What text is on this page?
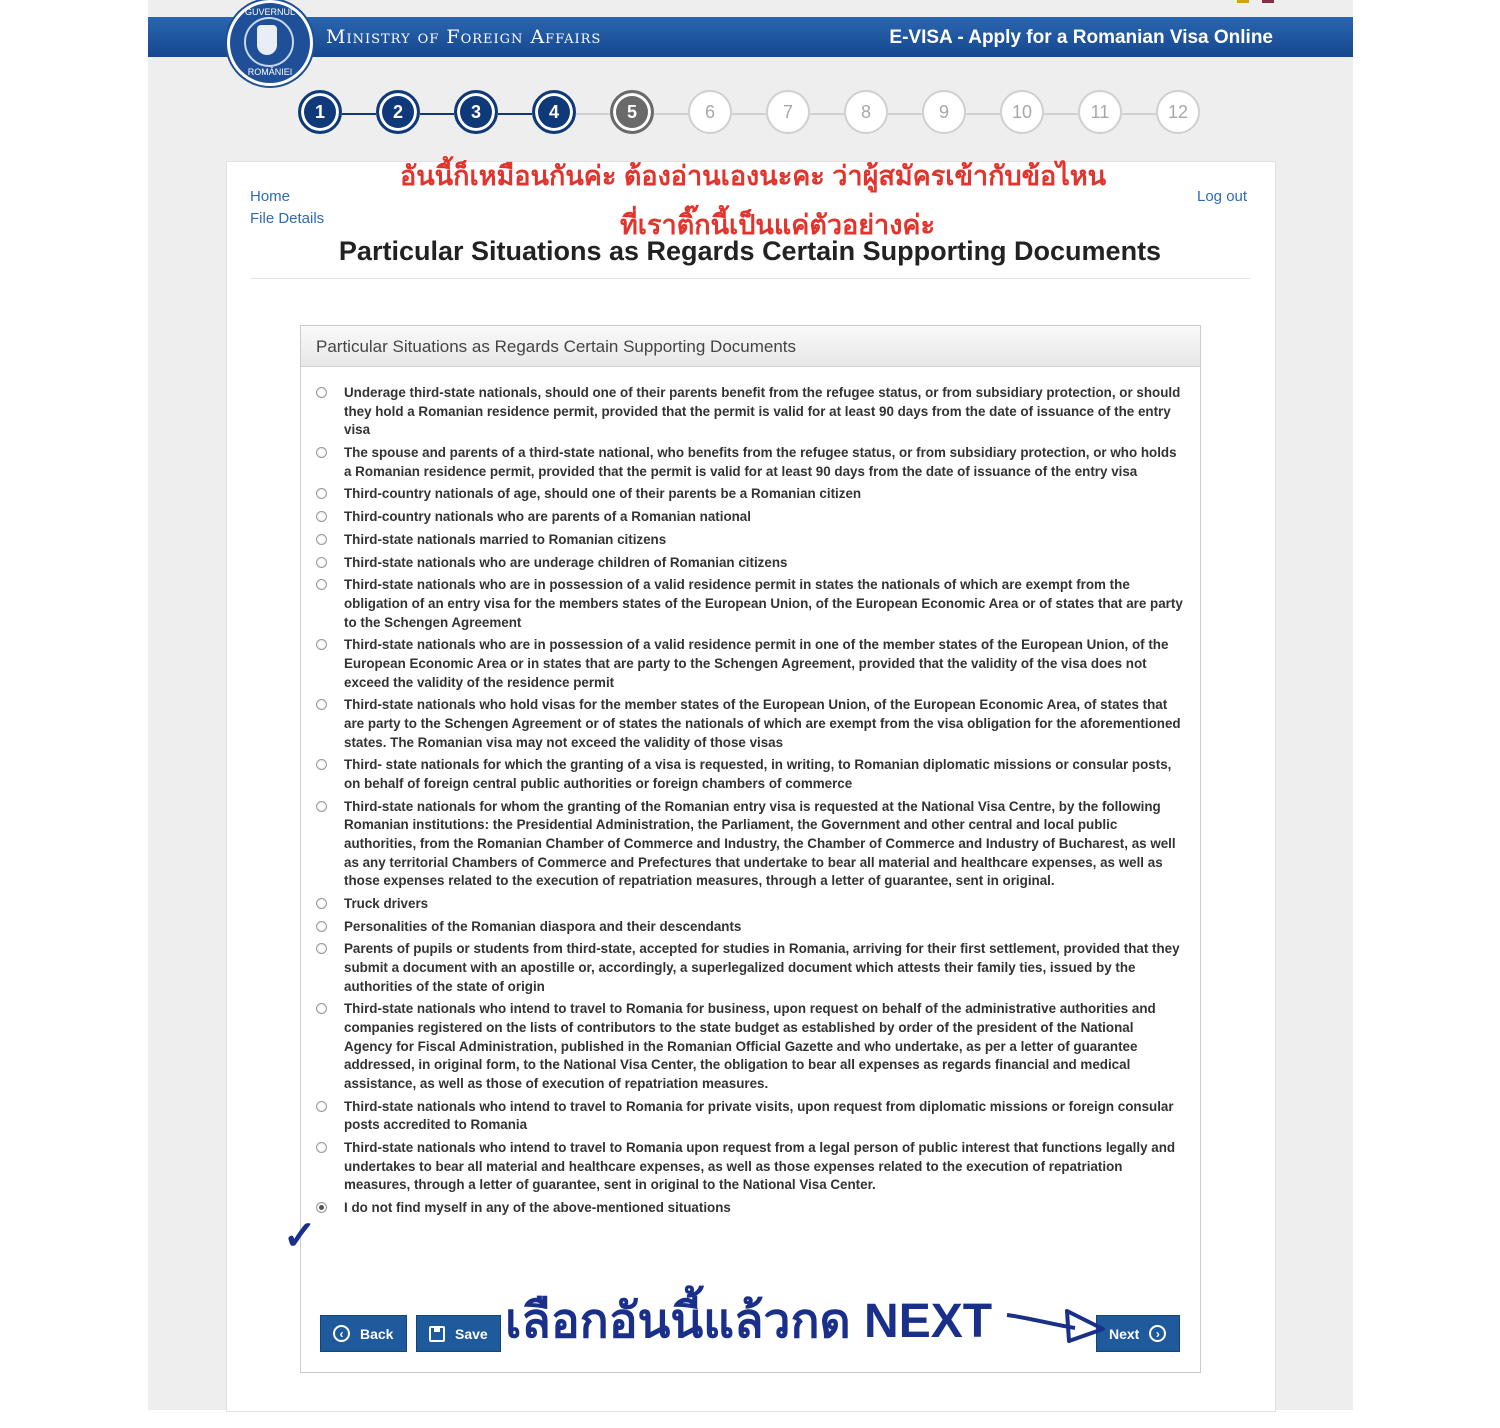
Ministry of Foreign Affairs	E-VISA - Apply for a Romanian Visa Online
GUVERNUL
ROMÂNIEI
1	2	3	4	5	6	7	8	9	10	11	12
Home
File Details
Log out
อันนี้ก็เหมือนกันค่ะ ต้องอ่านเองนะคะ ว่าผู้สมัครเข้ากับข้อไหน
ที่เราติ๊กนี้เป็นแค่ตัวอย่างค่ะ
Particular Situations as Regards Certain Supporting Documents
Particular Situations as Regards Certain Supporting Documents
Underage third-state nationals, should one of their parents benefit from the refugee status, or from subsidiary protection, or should they hold a Romanian residence permit, provided that the permit is valid for at least 90 days from the date of issuance of the entry visa
The spouse and parents of a third-state national, who benefits from the refugee status, or from subsidiary protection, or who holds a Romanian residence permit, provided that the permit is valid for at least 90 days from the date of issuance of the entry visa
Third-country nationals of age, should one of their parents be a Romanian citizen
Third-country nationals who are parents of a Romanian national
Third-state nationals married to Romanian citizens
Third-state nationals who are underage children of Romanian citizens
Third-state nationals who are in possession of a valid residence permit in states the nationals of which are exempt from the obligation of an entry visa for the members states of the European Union, of the European Economic Area or of states that are party to the Schengen Agreement
Third-state nationals who are in possession of a valid residence permit in one of the member states of the European Union, of the European Economic Area or in states that are party to the Schengen Agreement, provided that the validity of the visa does not exceed the validity of the residence permit
Third-state nationals who hold visas for the member states of the European Union, of the European Economic Area, of states that are party to the Schengen Agreement or of states the nationals of which are exempt from the visa obligation for the aforementioned states. The Romanian visa may not exceed the validity of those visas
Third- state nationals for which the granting of a visa is requested, in writing, to Romanian diplomatic missions or consular posts, on behalf of foreign central public authorities or foreign chambers of commerce
Third-state nationals for whom the granting of the Romanian entry visa is requested at the National Visa Centre, by the following Romanian institutions: the Presidential Administration, the Parliament, the Government and other central and local public authorities, from the Romanian Chamber of Commerce and Industry, the Chamber of Commerce and Industry of Bucharest, as well as any territorial Chambers of Commerce and Prefectures that undertake to bear all material and healthcare expenses, as well as those expenses related to the execution of repatriation measures, through a letter of guarantee, sent in original.
Truck drivers
Personalities of the Romanian diaspora and their descendants
Parents of pupils or students from third-state, accepted for studies in Romania, arriving for their first settlement, provided that they submit a document with an apostille or, accordingly, a superlegalized document which attests their family ties, issued by the authorities of the state of origin
Third-state nationals who intend to travel to Romania for business, upon request on behalf of the administrative authorities and companies registered on the lists of contributors to the state budget as established by order of the president of the National Agency for Fiscal Administration, published in the Romanian Official Gazette and who undertake, as per a letter of guarantee addressed, in original form, to the National Visa Center, the obligation to bear all expenses as regards financial and medical assistance, as well as those of execution of repatriation measures.
Third-state nationals who intend to travel to Romania for private visits, upon request from diplomatic missions or foreign consular posts accredited to Romania
Third-state nationals who intend to travel to Romania upon request from a legal person of public interest that functions legally and undertakes to bear all material and healthcare expenses, as well as those expenses related to the execution of repatriation measures, through a letter of guarantee, sent in original to the National Visa Center.
I do not find myself in any of the above-mentioned situations
✓
‹	Back	Save	Next	›
เลือกอันนี้แล้วกด NEXT
